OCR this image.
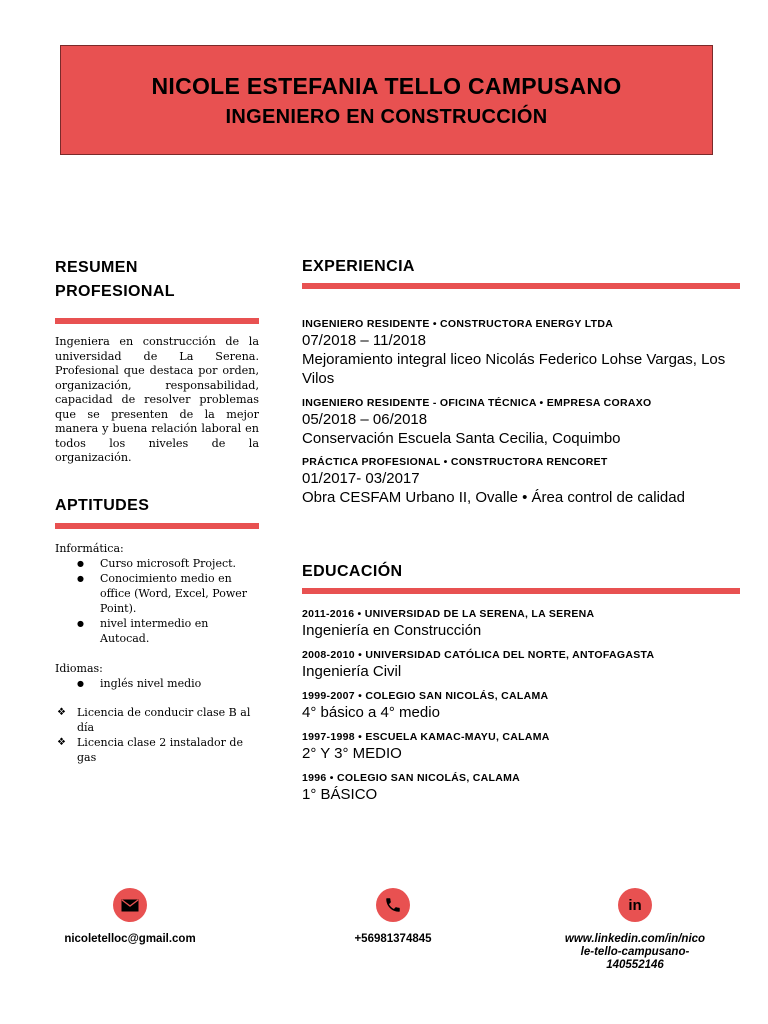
NICOLE ESTEFANIA TELLO CAMPUSANO
INGENIERO EN CONSTRUCCIÓN
RESUMEN
PROFESIONAL
Ingeniera en construcción de la universidad de La Serena. Profesional que destaca por orden, organización, responsabilidad, capacidad de resolver problemas que se presenten de la mejor manera y buena relación laboral en todos los niveles de la organización.
APTITUDES
Informática:
● Curso microsoft Project.
● Conocimiento medio en office (Word, Excel, Power Point).
● nivel intermedio en Autocad.
Idiomas:
● inglés nivel medio
❖ Licencia de conducir clase B al día
❖ Licencia clase 2 instalador de gas
EXPERIENCIA
INGENIERO RESIDENTE • CONSTRUCTORA ENERGY LTDA
07/2018 – 11/2018
Mejoramiento integral liceo Nicolás Federico Lohse Vargas, Los Vilos
INGENIERO RESIDENTE - OFICINA TÉCNICA • EMPRESA CORAXO
05/2018 – 06/2018
Conservación Escuela Santa Cecilia, Coquimbo
PRÁCTICA PROFESIONAL • CONSTRUCTORA RENCORET
01/2017- 03/2017
Obra CESFAM Urbano II, Ovalle • Área control de calidad
EDUCACIÓN
2011-2016 • UNIVERSIDAD DE LA SERENA, LA SERENA
Ingeniería en Construcción
2008-2010 • UNIVERSIDAD CATÓLICA DEL NORTE, ANTOFAGASTA
Ingeniería Civil
1999-2007 • COLEGIO SAN NICOLÁS, CALAMA
4° básico a 4° medio
1997-1998 • ESCUELA KAMAC-MAYU, CALAMA
2° Y 3° MEDIO
1996 • COLEGIO SAN NICOLÁS, CALAMA
1° BÁSICO
nicoletelloc@gmail.com	+56981374845
in
www.linkedin.com/in/nico
le-tello-campusano-
140552146
